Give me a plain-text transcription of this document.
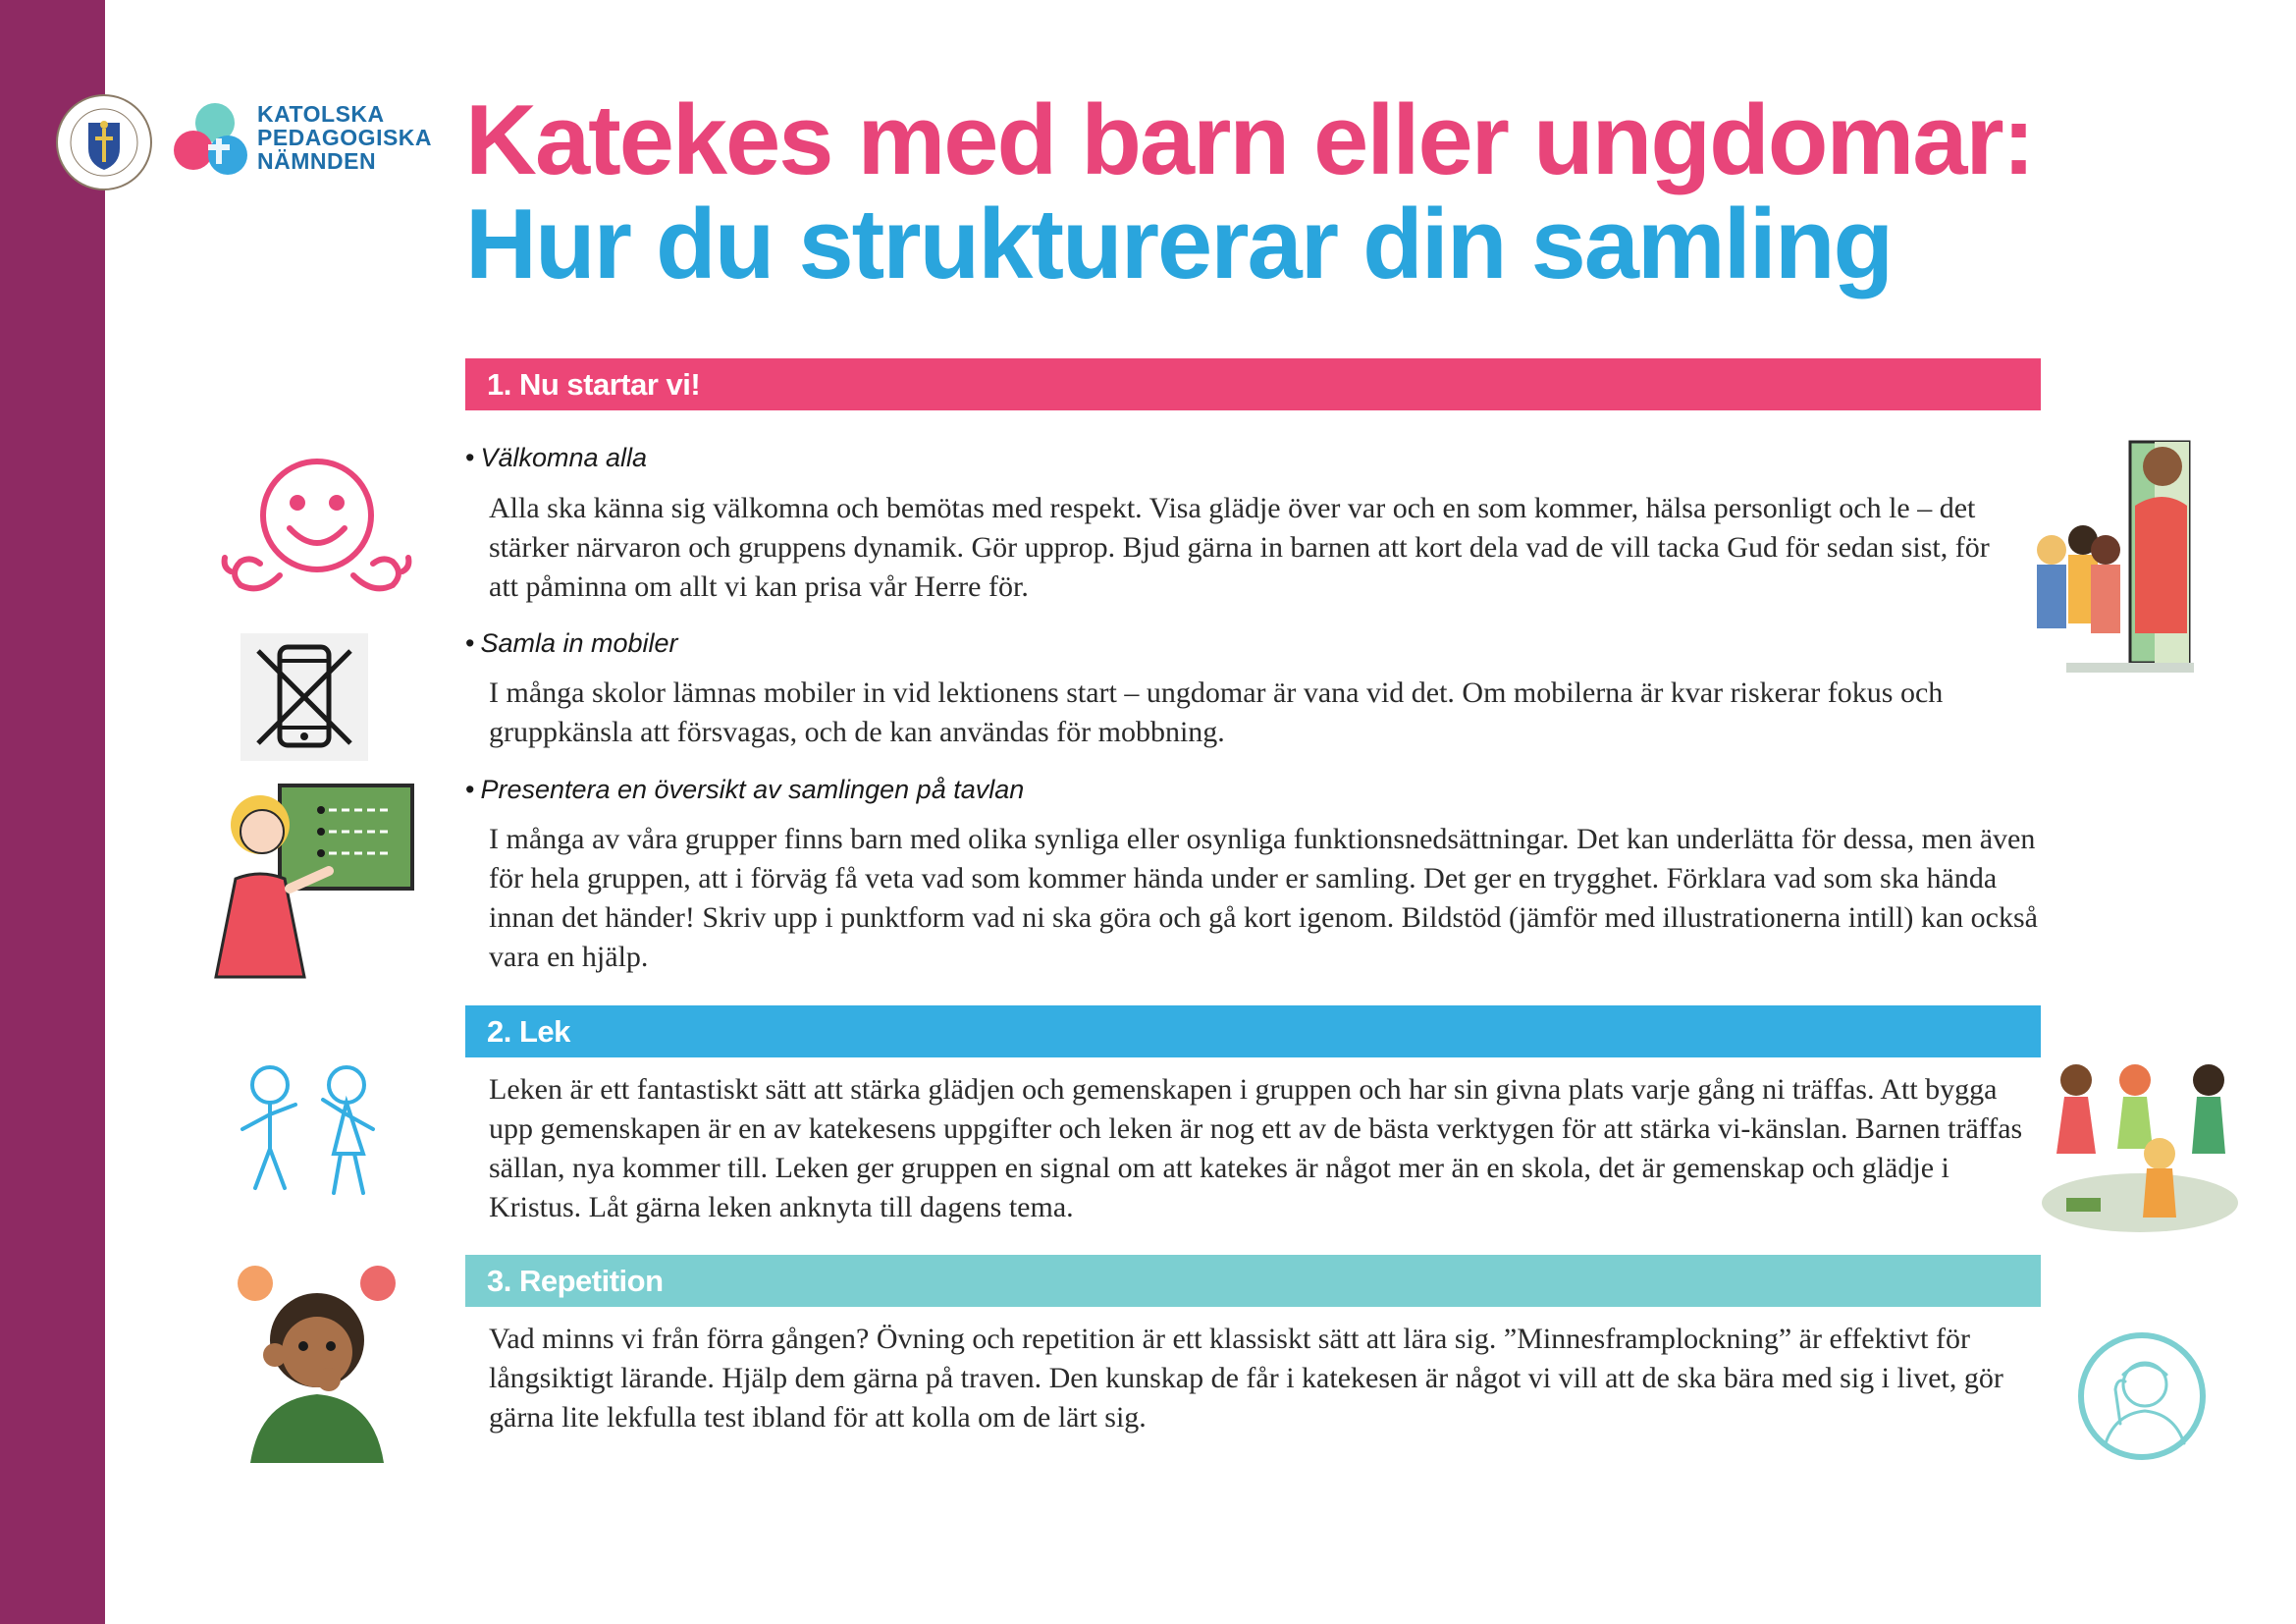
KATOLSKA
PEDAGOGISKA
NÄMNDEN Katekes med barn eller ungdomar:
Hur du strukturerar din samling
1. Nu startar vi!
• Välkomna alla
Alla ska känna sig välkomna och bemötas med respekt. Visa glädje över var och en som kommer, hälsa personligt och le – det stärker närvaron och gruppens dynamik. Gör upprop. Bjud gärna in barnen att kort dela vad de vill tacka Gud för sedan sist, för att påminna om allt vi kan prisa vår Herre för.
• Samla in mobiler
I många skolor lämnas mobiler in vid lektionens start – ungdomar är vana vid det. Om mobilerna är kvar riskerar fokus och gruppkänsla att försvagas, och de kan användas för mobbning.
• Presentera en översikt av samlingen på tavlan
I många av våra grupper finns barn med olika synliga eller osynliga funktionsnedsättningar. Det kan underlätta för dessa, men även för hela gruppen, att i förväg få veta vad som kommer hända under er samling. Det ger en trygghet. Förklara vad som ska hända innan det händer! Skriv upp i punktform vad ni ska göra och gå kort igenom. Bildstöd (jämför med illustrationerna intill) kan också vara en hjälp.
2. Lek
Leken är ett fantastiskt sätt att stärka glädjen och gemenskapen i gruppen och har sin givna plats varje gång ni träffas. Att bygga upp gemenskapen är en av katekesens uppgifter och leken är nog ett av de bästa verktygen för att stärka vi-känslan. Barnen träffas sällan, nya kommer till. Leken ger gruppen en signal om att katekes är något mer än en skola, det är gemenskap och glädje i Kristus. Låt gärna leken anknyta till dagens tema.
3. Repetition
Vad minns vi från förra gången? Övning och repetition är ett klassiskt sätt att lära sig. ”Minnesframplockning” är effektivt för långsiktigt lärande. Hjälp dem gärna på traven. Den kunskap de får i katekesen är något vi vill att de ska bära med sig i livet, gör gärna lite lekfulla test ibland för att kolla om de lärt sig.
